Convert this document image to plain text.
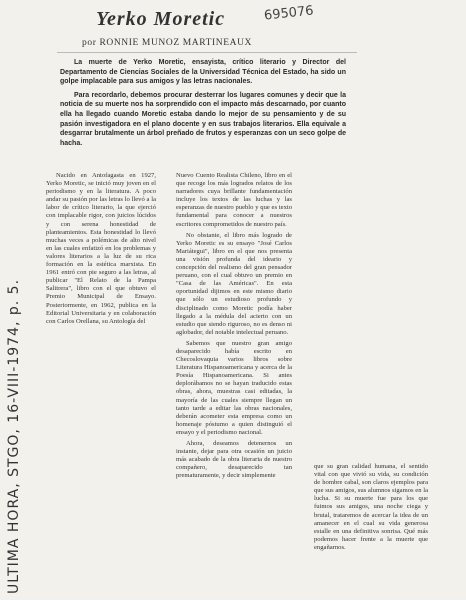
Yerko Moretic	695076
por RONNIE MUNOZ MARTINEAUX
ULTIMA HORA, STGO, 16-VIII-1974, p. 5.

La muerte de Yerko Moretic, ensayista, crítico literario y Director del Departamento de Ciencias Sociales de la Universidad Técnica del Estado, ha sido un golpe implacable para sus amigos y las letras nacionales.

Para recordarlo, debemos procurar desterrar los lugares comunes y decir que la noticia de su muerte nos ha sorprendido con el impacto más descarnado, por cuanto ella ha llegado cuando Moretic estaba dando lo mejor de su pensamiento y de su pasión investigadora en el plano docente y en sus trabajos literarios. Ella equivale a desgarrar brutalmente un árbol preñado de frutos y esperanzas con un seco golpe de hacha.

Nacido en Antofagasta en 1927, Yerko Moretic, se inició muy joven en el periodismo y en la literatura. A poco andar su pasión por las letras lo llevó a la labor de crítico literario, la que ejerció con implacable rigor, con juicios lúcidos y con serena honestidad de planteamientos. Esta honestidad lo llevó muchas veces a polémicas de alto nivel en las cuales enfatizó en los problemas y valores literarios a la luz de su rica formación en la estética marxista. En 1961 entró con pie seguro a las letras, al publicar "El Relato de la Pampa Salitrera", libro con el que obtuvo el Premio Municipal de Ensayo. Posteriormente, en 1962, publica en la Editorial Universitaria y en colaboración con Carlos Orellana, su Antología del

Nuevo Cuento Realista Chileno, libro en el que recoge los más logrados relatos de los narradores cuya brillante fundamentación incluye los textos de las luchas y las esperanzas de nuestro pueblo y que es texto fundamental para conocer a nuestros escritores comprometidos de nuestro país.

No obstante, el libro más logrado de Yerko Moretic es su ensayo "José Carlos Mariátegui", libro en el que nos presenta una visión profunda del ideario y concepción del realismo del gran pensador peruano, con el cual obtuvo un premio en "Casa de las Américas". En esta oportunidad dijimos en este mismo diario que sólo un estudioso profundo y disciplinado como Moretic podía haber llegado a la médula del acierto con un estudio que siendo riguroso, no es denso ni aglobador, del notable intelectual peruano.

Sabemos que nuestro gran amigo desaparecido había escrito en Checoslovaquia varios libros sobre Literatura Hispanoamericana y acerca de la Poesía Hispanoamericana. Si antes deplorábamos no se hayan traducido estas obras, ahora, muestras casi editadas, la mayoría de las cuales siempre llegan un tanto tarde a editar las obras nacionales, deberán acometer esta empresa como un homenaje póstumo a quien distinguió el ensayo y el periodismo nacional.

Ahora, deseamos detenernos un instante, dejar para otra ocasión un juicio más acabado de la obra literaria de nuestro compañero, desaparecido tan prematuramente, y decir simplemente

que su gran calidad humana, el sentido vital con que vivió su vida, su condición de hombre cabal, son claros ejemplos para que sus amigos, sus alumnos sigamos en la lucha. Si su muerte fue para los que fuimos sus amigos, una noche ciega y brutal, trataremos de acercar la idea de un amanecer en el cual su vida generosa estalle en una definitiva sonrisa. Qué más podemos hacer frente a la muerte que engañarnos.
